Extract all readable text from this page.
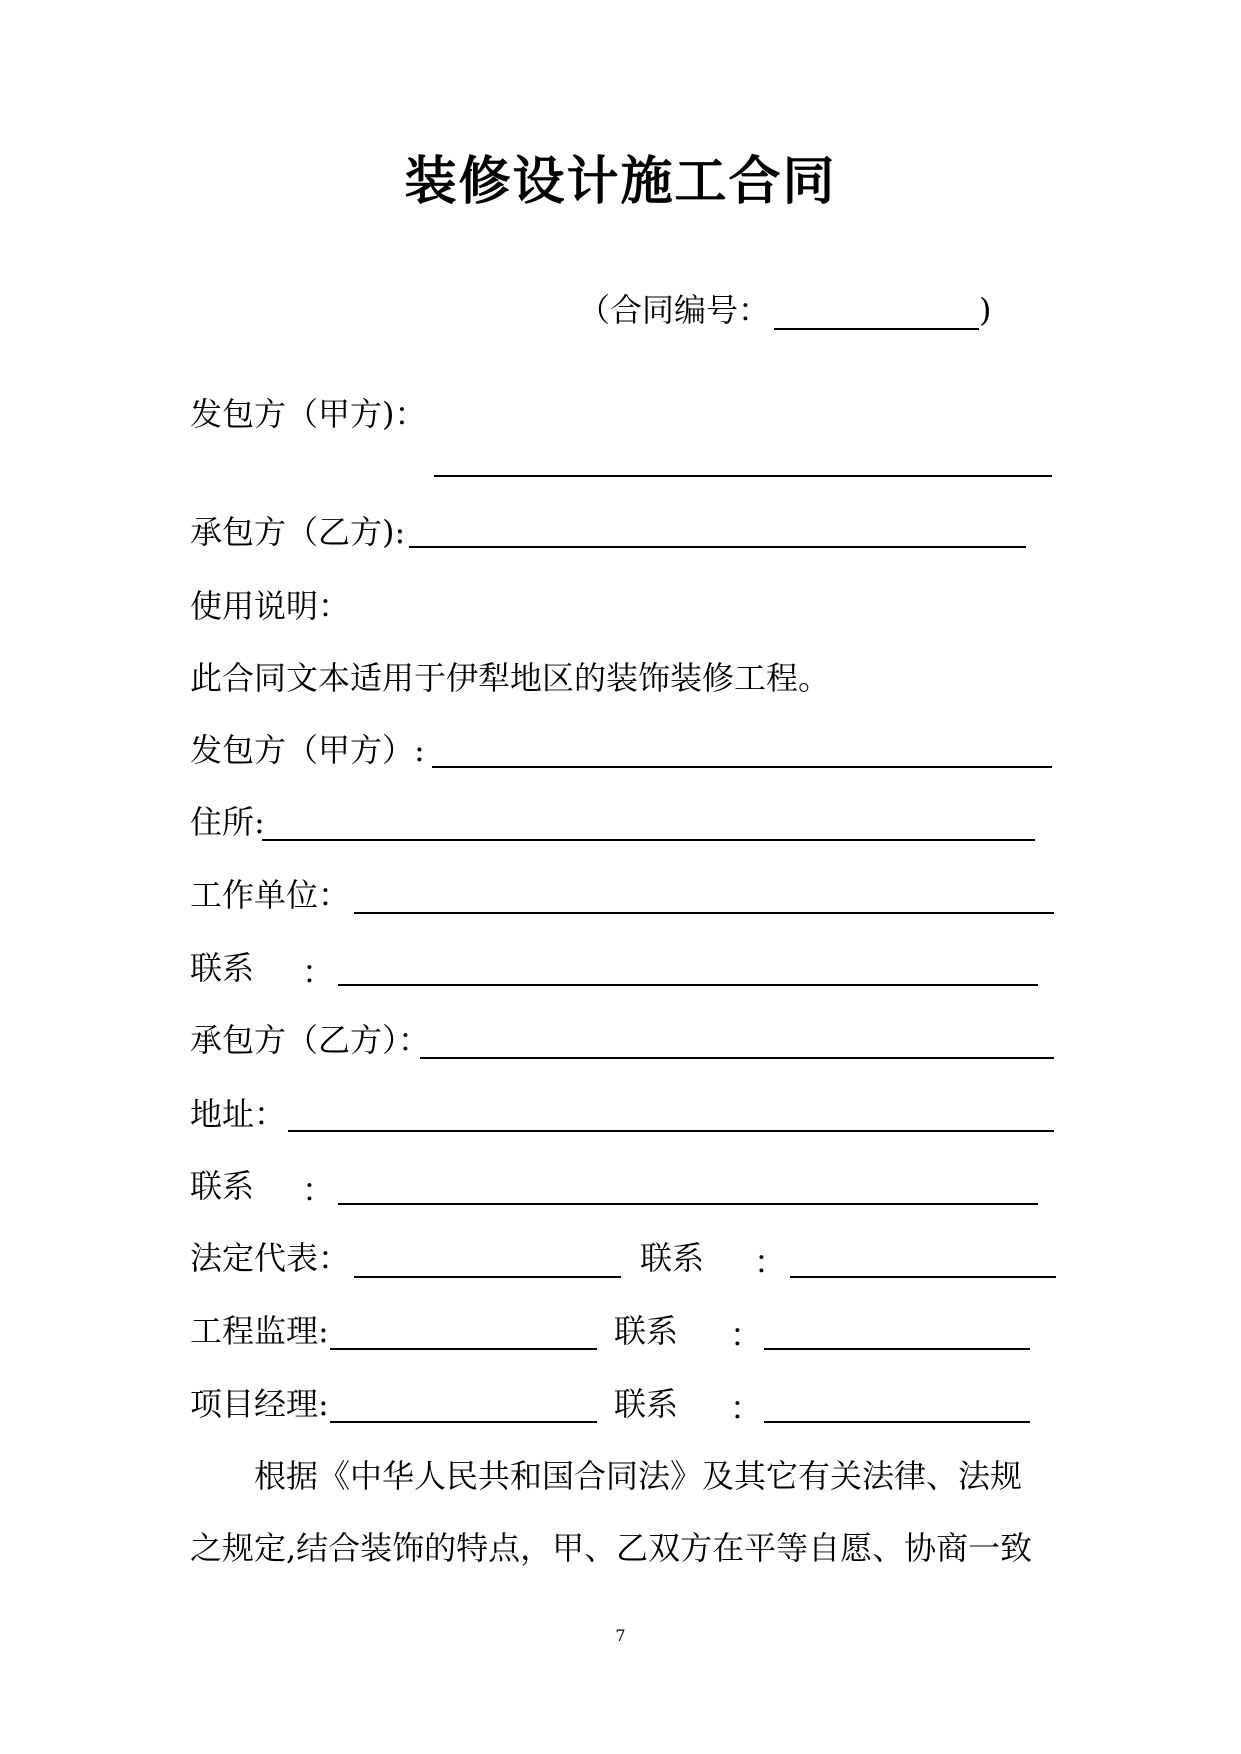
装修设计施工合同
（合同编号：	)
发包方（甲方)：
承包方（乙方):
使用说明：
此合同文本适用于伊犁地区的装饰装修工程。
发包方（甲方）:
住所:
工作单位：
联系 ：
承包方（乙方）：
地址：
联系 ：
法定代表：	联系 ：
工程监理:	联系 ：
项目经理:	联系 ：
根据《中华人民共和国合同法》及其它有关法律、法规之规定,结合装饰的特点，甲、乙双方在平等自愿、协商一致
7
